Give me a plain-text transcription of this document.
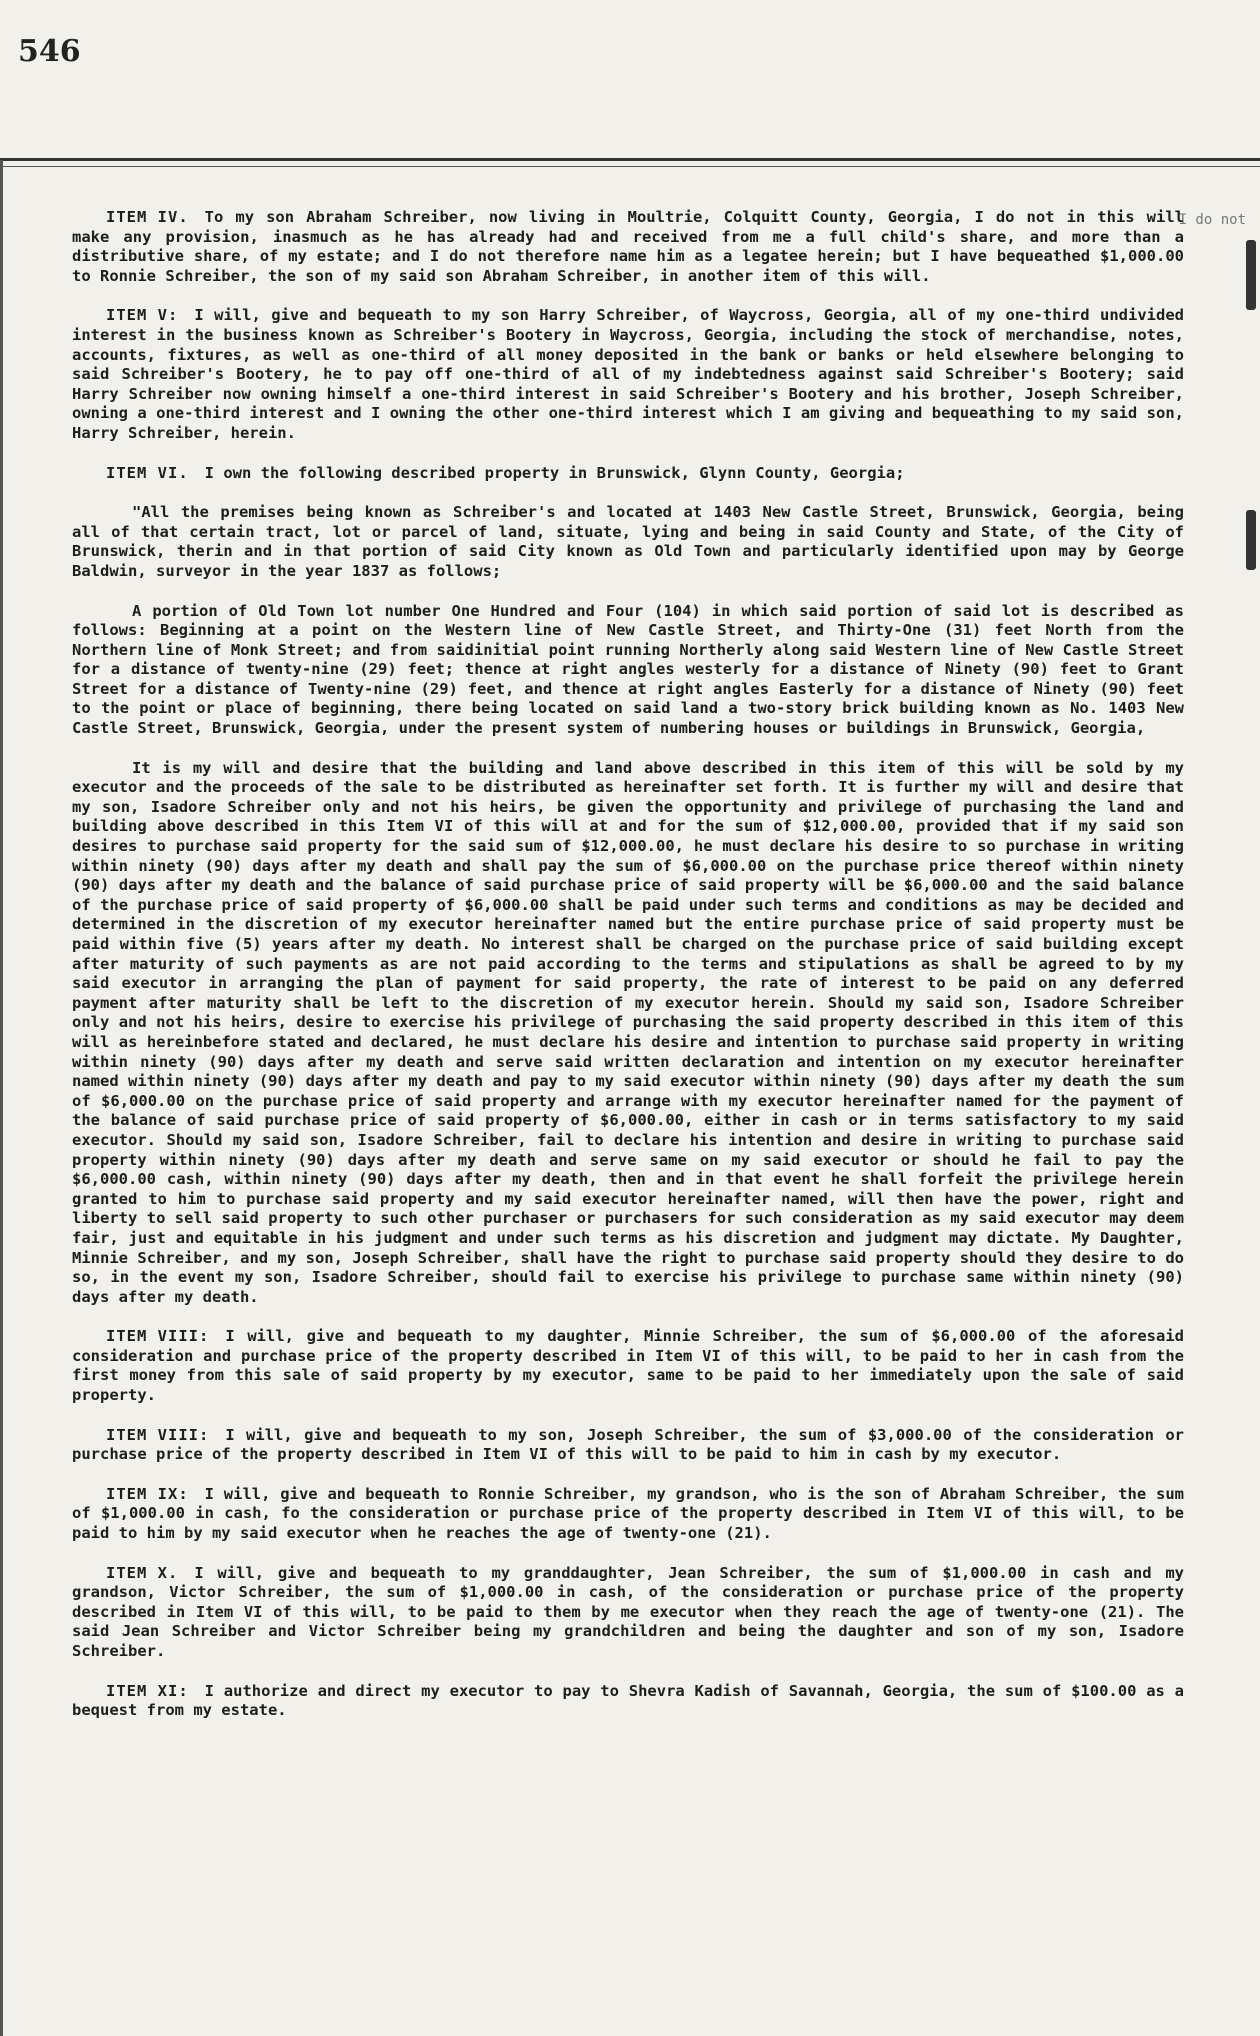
546
I do not

ITEM IV. To my son Abraham Schreiber, now living in Moultrie, Colquitt County, Georgia, I do not in this will make any provision, inasmuch as he has already had and received from me a full child's share, and more than a distributive share, of my estate; and I do not therefore name him as a legatee herein; but I have bequeathed $1,000.00 to Ronnie Schreiber, the son of my said son Abraham Schreiber, in another item of this will.

ITEM V: I will, give and bequeath to my son Harry Schreiber, of Waycross, Georgia, all of my one-third undivided interest in the business known as Schreiber's Bootery in Waycross, Georgia, including the stock of merchandise, notes, accounts, fixtures, as well as one-third of all money deposited in the bank or banks or held elsewhere belonging to said Schreiber's Bootery, he to pay off one-third of all of my indebtedness against said Schreiber's Bootery; said Harry Schreiber now owning himself a one-third interest in said Schreiber's Bootery and his brother, Joseph Schreiber, owning a one-third interest and I owning the other one-third interest which I am giving and bequeathing to my said son, Harry Schreiber, herein.

ITEM VI. I own the following described property in Brunswick, Glynn County, Georgia;

"All the premises being known as Schreiber's and located at 1403 New Castle Street, Brunswick, Georgia, being all of that certain tract, lot or parcel of land, situate, lying and being in said County and State, of the City of Brunswick, therin and in that portion of said City known as Old Town and particularly identified upon may by George Baldwin, surveyor in the year 1837 as follows;

A portion of Old Town lot number One Hundred and Four (104) in which said portion of said lot is described as follows: Beginning at a point on the Western line of New Castle Street, and Thirty-One (31) feet North from the Northern line of Monk Street; and from saidinitial point running Northerly along said Western line of New Castle Street for a distance of twenty-nine (29) feet; thence at right angles westerly for a distance of Ninety (90) feet to Grant Street for a distance of Twenty-nine (29) feet, and thence at right angles Easterly for a distance of Ninety (90) feet to the point or place of beginning, there being located on said land a two-story brick building known as No. 1403 New Castle Street, Brunswick, Georgia, under the present system of numbering houses or buildings in Brunswick, Georgia,

It is my will and desire that the building and land above described in this item of this will be sold by my executor and the proceeds of the sale to be distributed as hereinafter set forth. It is further my will and desire that my son, Isadore Schreiber only and not his heirs, be given the opportunity and privilege of purchasing the land and building above described in this Item VI of this will at and for the sum of $12,000.00, provided that if my said son desires to purchase said property for the said sum of $12,000.00, he must declare his desire to so purchase in writing within ninety (90) days after my death and shall pay the sum of $6,000.00 on the purchase price thereof within ninety (90) days after my death and the balance of said purchase price of said property will be $6,000.00 and the said balance of the purchase price of said property of $6,000.00 shall be paid under such terms and conditions as may be decided and determined in the discretion of my executor hereinafter named but the entire purchase price of said property must be paid within five (5) years after my death. No interest shall be charged on the purchase price of said building except after maturity of such payments as are not paid according to the terms and stipulations as shall be agreed to by my said executor in arranging the plan of payment for said property, the rate of interest to be paid on any deferred payment after maturity shall be left to the discretion of my executor herein. Should my said son, Isadore Schreiber only and not his heirs, desire to exercise his privilege of purchasing the said property described in this item of this will as hereinbefore stated and declared, he must declare his desire and intention to purchase said property in writing within ninety (90) days after my death and serve said written declaration and intention on my executor hereinafter named within ninety (90) days after my death and pay to my said executor within ninety (90) days after my death the sum of $6,000.00 on the purchase price of said property and arrange with my executor hereinafter named for the payment of the balance of said purchase price of said property of $6,000.00, either in cash or in terms satisfactory to my said executor. Should my said son, Isadore Schreiber, fail to declare his intention and desire in writing to purchase said property within ninety (90) days after my death and serve same on my said executor or should he fail to pay the $6,000.00 cash, within ninety (90) days after my death, then and in that event he shall forfeit the privilege herein granted to him to purchase said property and my said executor hereinafter named, will then have the power, right and liberty to sell said property to such other purchaser or purchasers for such consideration as my said executor may deem fair, just and equitable in his judgment and under such terms as his discretion and judgment may dictate. My Daughter, Minnie Schreiber, and my son, Joseph Schreiber, shall have the right to purchase said property should they desire to do so, in the event my son, Isadore Schreiber, should fail to exercise his privilege to purchase same within ninety (90) days after my death.

ITEM VIII: I will, give and bequeath to my daughter, Minnie Schreiber, the sum of $6,000.00 of the aforesaid consideration and purchase price of the property described in Item VI of this will, to be paid to her in cash from the first money from this sale of said property by my executor, same to be paid to her immediately upon the sale of said property.

ITEM VIII: I will, give and bequeath to my son, Joseph Schreiber, the sum of $3,000.00 of the consideration or purchase price of the property described in Item VI of this will to be paid to him in cash by my executor.

ITEM IX: I will, give and bequeath to Ronnie Schreiber, my grandson, who is the son of Abraham Schreiber, the sum of $1,000.00 in cash, fo the consideration or purchase price of the property described in Item VI of this will, to be paid to him by my said executor when he reaches the age of twenty-one (21).

ITEM X. I will, give and bequeath to my granddaughter, Jean Schreiber, the sum of $1,000.00 in cash and my grandson, Victor Schreiber, the sum of $1,000.00 in cash, of the consideration or purchase price of the property described in Item VI of this will, to be paid to them by me executor when they reach the age of twenty-one (21). The said Jean Schreiber and Victor Schreiber being my grandchildren and being the daughter and son of my son, Isadore Schreiber.

ITEM XI: I authorize and direct my executor to pay to Shevra Kadish of Savannah, Georgia, the sum of $100.00 as a bequest from my estate.
